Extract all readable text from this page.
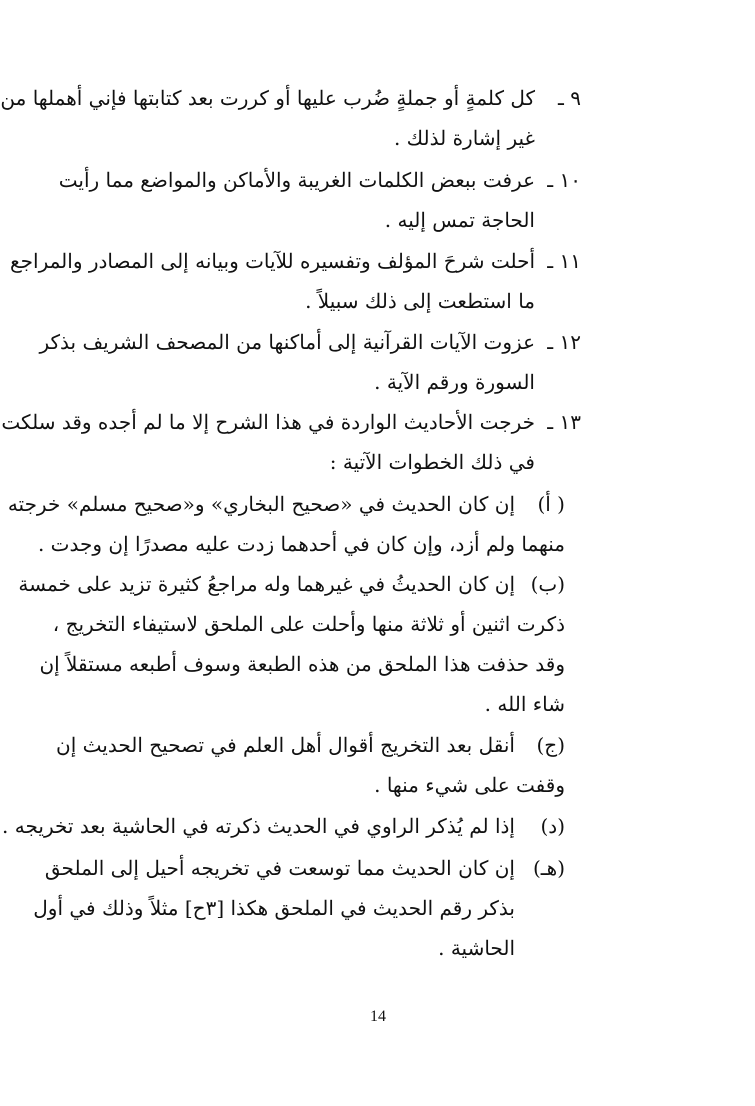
٩ ـ
كل كلمةٍ أو جملةٍ ضُرب عليها أو كررت بعد كتابتها فإني أهملها من
غير إشارة لذلك .
١٠ ـ
عرفت ببعض الكلمات الغريبة والأماكن والمواضع مما رأيت
الحاجة تمس إليه .
١١ ـ
أحلت شرحَ المؤلف وتفسيره للآيات وبيانه إلى المصادر والمراجع
ما استطعت إلى ذلك سبيلاً .
١٢ ـ
عزوت الآيات القرآنية إلى أماكنها من المصحف الشريف بذكر
السورة ورقم الآية .
١٣ ـ
خرجت الأحاديث الواردة في هذا الشرح إلا ما لم أجده وقد سلكت
في ذلك الخطوات الآتية :
( أ)
إن كان الحديث في «صحيح البخاري» و«صحيح مسلم» خرجته
منهما ولم أزد، وإن كان في أحدهما زدت عليه مصدرًا إن وجدت .
(ب)
إن كان الحديثُ في غيرهما وله مراجعُ كثيرة تزيد على خمسة
ذكرت اثنين أو ثلاثة منها وأحلت على الملحق لاستيفاء التخريج ،
وقد حذفت هذا الملحق من هذه الطبعة وسوف أطبعه مستقلاً إن
شاء الله .
(ج)
أنقل بعد التخريج أقوال أهل العلم في تصحيح الحديث إن
وقفت على شيء منها .
(د)
إذا لم يُذكر الراوي في الحديث ذكرته في الحاشية بعد تخريجه .
(هـ)
إن كان الحديث مما توسعت في تخريجه أحيل إلى الملحق
بذكر رقم الحديث في الملحق هكذا [٣ح] مثلاً وذلك في أول
الحاشية .
14
